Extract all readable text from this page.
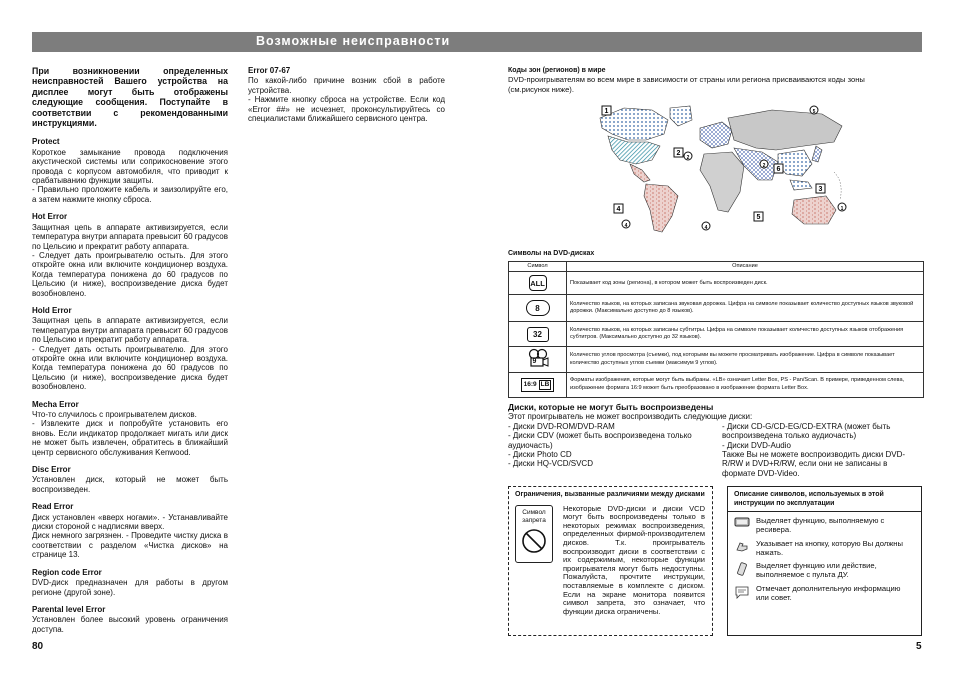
Возможные неисправности
При возникновении определенных неисправностей Вашего устройства на дисплее могут быть отображены следующие сообщения. Поступайте в соответствии с рекомендованными инструкциями.
Protect
Короткое замыкание провода подключения акустической системы или соприкосновение этого провода с корпусом автомобиля, что приводит к срабатыванию функции защиты.
- Правильно проложите кабель и заизолируйте его, а затем нажмите кнопку сброса.
Hot Error
Защитная цепь в аппарате активизируется, если температура внутри аппарата превысит 60 градусов по Цельсию и прекратит работу аппарата.
- Следует дать проигрывателю остыть. Для этого откройте окна или включите кондиционер воздуха. Когда температура понижена до 60 градусов по Цельсию (и ниже), воспроизведение диска будет возобновлено.
Hold Error
Защитная цепь в аппарате активизируется, если температура внутри аппарата превысит 60 градусов по Цельсию и прекратит работу аппарата.
- Следует дать остыть проигрывателю. Для этого откройте окна или включите кондиционер воздуха. Когда температура понижена до 60 градусов по Цельсию (и ниже), воспроизведение диска будет возобновлено.
Mecha Error
Что-то случилось с проигрывателем дисков.
- Извлеките диск и попробуйте установить его вновь. Если индикатор продолжает мигать или диск не может быть извлечен, обратитесь в ближайший центр сервисного обслуживания Kenwood.
Disc Error
Установлен диск, который не может быть воспроизведен.
Read Error
Диск установлен «вверх ногами». - Устанавливайте диски стороной с надписями вверх.
Диск немного загрязнен. - Проведите чистку диска в соответствии с разделом «Чистка дисков» на странице 13.
Region code Error
DVD-диск предназначен для работы в другом регионе (другой зоне).
Parental level Error
Установлен более высокий уровень ограничения доступа.
Error 07-67
По какой-либо причине возник сбой в работе устройства.
- Нажмите кнопку сброса на устройстве. Если код «Error ##» не исчезнет, проконсультируйтесь со специалистами ближайшего сервисного центра.
Коды зон (регионов) в мире
DVD-проигрывателям во всем мире в зависимости от страны или региона присваиваются коды зоны
(см.рисунок ниже).
1
2
3
4
5
6
1
4
2
2
5
4
Символы на DVD-дисках
Символ	Описание
ALL	Показывает код зоны (региона), в котором может быть воспроизведен диск.
8	Количество языков, на которых записана звуковая дорожка. Цифра на символе показывает количество доступных языков звуковой дорожки. (Максимально доступно до 8 языков).
32	Количество языков, на которых записаны субтитры. Цифра на символе показывает количество доступных языков отображения субтитров. (Максимально доступно до 32 языков).

9	Количество углов просмотра (съемки), под которыми вы можете просматривать изображение. Цифра в символе показывает количество доступных углов съемки (максимум 9 углов).

16:9 LB	Форматы изображения, которые могут быть выбраны. «LB» означает Letter Box, PS - Pan/Scan. В примере, приведенном слева, изображение формата 16:9 может быть преобразовано в изображение формата Letter Box.
Диски, которые не могут быть воспроизведены
Этот проигрыватель не может воспроизводить следующие диски:
- Диски DVD-ROM/DVD-RAM
- Диски CDV (может быть воспроизведена только аудиочасть)
- Диски Photo CD
- Диски HQ-VCD/SVCD
- Диски CD-G/CD-EG/CD-EXTRA (может быть воспроизведена только аудиочасть)
- Диски DVD-Audio
Также Вы не можете воспроизводить диски DVD-R/RW и DVD+R/RW, если они не записаны в формате DVD-Video.
Ограничения, вызванные различиями между дисками
Символ запрета
Некоторые DVD-диски и диски VCD могут быть воспроизведены только в некоторых режимах воспроизведения, определенных фирмой-производителем дисков. Т.к. проигрыватель воспроизводит диски в соответствии с их содержимым, некоторые функции проигрывателя могут быть недоступны. Пожалуйста, прочтите инструкции, поставляемые в комплекте с диском. Если на экране монитора появится символ запрета, это означает, что функции диска ограничены.
Описание символов, используемых в этой инструкции по эксплуатации
Выделяет функцию, выполняемую с ресивера.
Указывает на кнопку, которую Вы должны нажать.
Выделяет функцию или действие, выполняемое с пульта ДУ.
Отмечает дополнительную информацию или совет.
80	5
